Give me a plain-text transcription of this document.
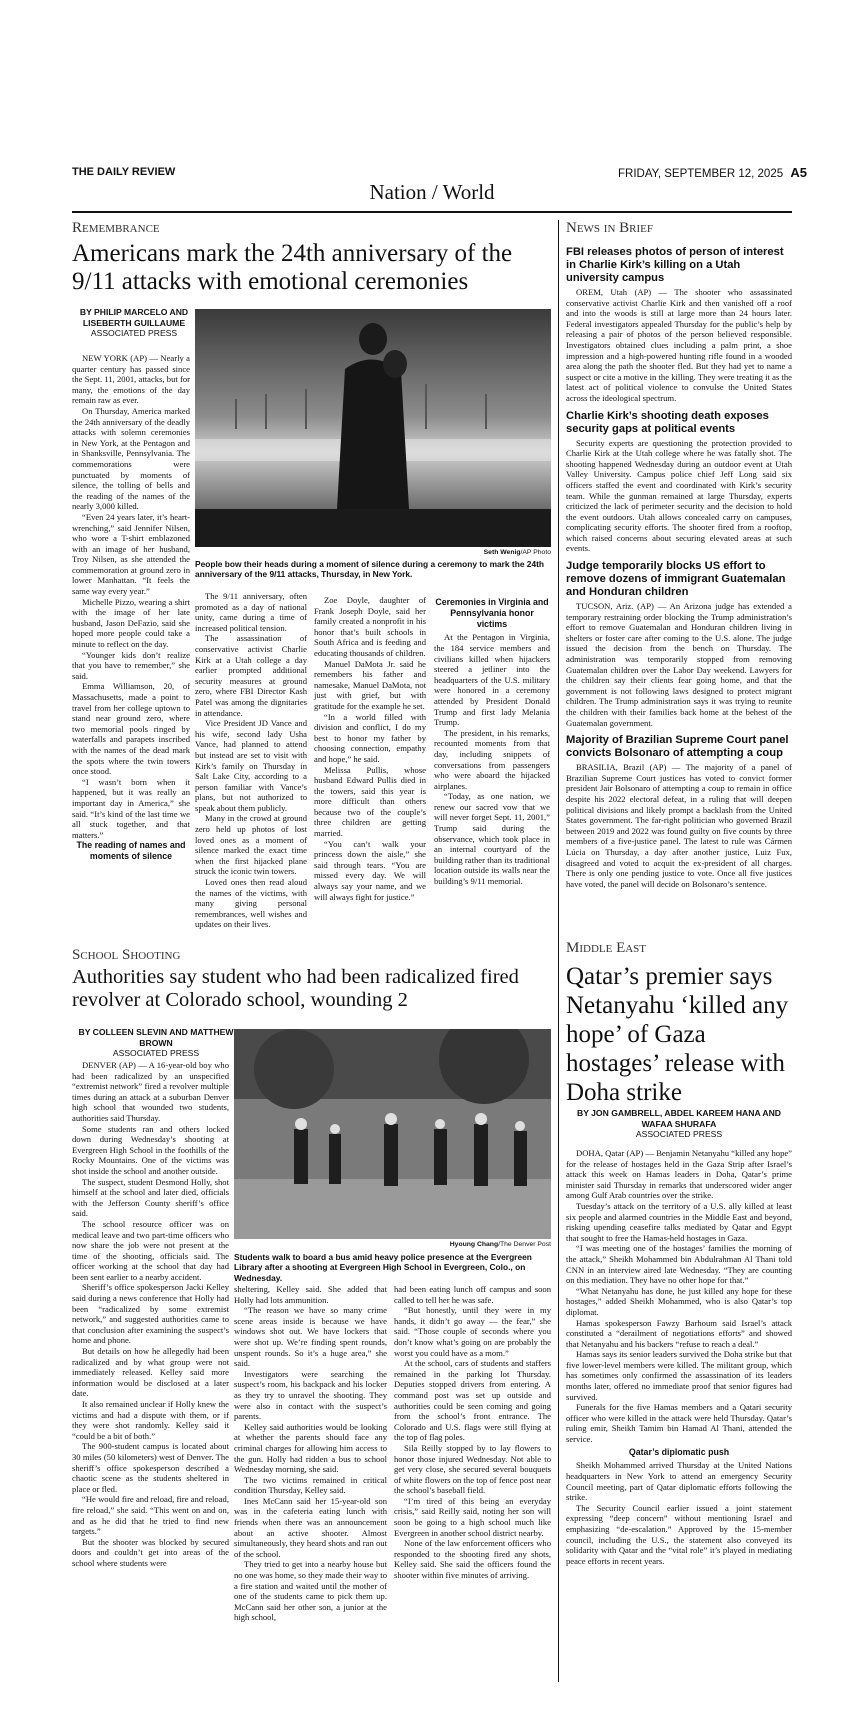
THE DAILY REVIEW	FRIDAY, SEPTEMBER 12, 2025 A5
Nation / World
Remembrance
Americans mark the 24th anniversary of the 9/11 attacks with emotional ceremonies
BY PHILIP MARCELO AND LISEBERTH GUILLAUME
ASSOCIATED PRESS
Seth Wenig/AP Photo
People bow their heads during a moment of silence during a ceremony to mark the 24th anniversary of the 9/11 attacks, Thursday, in New York.

NEW YORK (AP) — Nearly a quarter century has passed since the Sept. 11, 2001, attacks, but for many, the emotions of the day remain raw as ever.

On Thursday, America marked the 24th anniversary of the deadly attacks with solemn ceremonies in New York, at the Pentagon and in Shanksville, Pennsylvania. The commemorations were punctuated by moments of silence, the tolling of bells and the reading of the names of the nearly 3,000 killed.

“Even 24 years later, it’s heart-wrenching,” said Jennifer Nilsen, who wore a T-shirt emblazoned with an image of her husband, Troy Nilsen, as she attended the commemoration at ground zero in lower Manhattan. “It feels the same way every year.”

Michelle Pizzo, wearing a shirt with the image of her late husband, Jason DeFazio, said she hoped more people could take a minute to reflect on the day.

“Younger kids don’t realize that you have to remember,” she said.

Emma Williamson, 20, of Massachusetts, made a point to travel from her college uptown to stand near ground zero, where two memorial pools ringed by waterfalls and parapets inscribed with the names of the dead mark the spots where the twin towers once stood.

“I wasn’t born when it happened, but it was really an important day in America,” she said. “It’s kind of the last time we all stuck together, and that matters.”

The reading of names and moments of silence

The 9/11 anniversary, often promoted as a day of national unity, came during a time of increased political tension.

The assassination of conservative activist Charlie Kirk at a Utah college a day earlier prompted additional security measures at ground zero, where FBI Director Kash Patel was among the dignitaries in attendance.

Vice President JD Vance and his wife, second lady Usha Vance, had planned to attend but instead are set to visit with Kirk’s family on Thursday in Salt Lake City, according to a person familiar with Vance’s plans, but not authorized to speak about them publicly.

Many in the crowd at ground zero held up photos of lost loved ones as a moment of silence marked the exact time when the first hijacked plane struck the iconic twin towers.

Loved ones then read aloud the names of the victims, with many giving personal remembrances, well wishes and updates on their lives.

Zoe Doyle, daughter of Frank Joseph Doyle, said her family created a nonprofit in his honor that’s built schools in South Africa and is feeding and educating thousands of children.

Manuel DaMota Jr. said he remembers his father and namesake, Manuel DaMota, not just with grief, but with gratitude for the example he set.

“In a world filled with division and conflict, I do my best to honor my father by choosing connection, empathy and hope,” he said.

Melissa Pullis, whose husband Edward Pullis died in the towers, said this year is more difficult than others because two of the couple’s three children are getting married.

“You can’t walk your princess down the aisle,” she said through tears. “You are missed every day. We will always say your name, and we will always fight for justice.”

Ceremonies in Virginia and Pennsylvania honor victims

At the Pentagon in Virginia, the 184 service members and civilians killed when hijackers steered a jetliner into the headquarters of the U.S. military were honored in a ceremony attended by President Donald Trump and first lady Melania Trump.

The president, in his remarks, recounted moments from that day, including snippets of conversations from passengers who were aboard the hijacked airplanes.

“Today, as one nation, we renew our sacred vow that we will never forget Sept. 11, 2001,” Trump said during the observance, which took place in an internal courtyard of the building rather than its traditional location outside its walls near the building’s 9/11 memorial.

News in Brief
FBI releases photos of person of interest in Charlie Kirk’s killing on a Utah university campus
OREM, Utah (AP) — The shooter who assassinated conservative activist Charlie Kirk and then vanished off a roof and into the woods is still at large more than 24 hours later. Federal investigators appealed Thursday for the public’s help by releasing a pair of photos of the person believed responsible. Investigators obtained clues including a palm print, a shoe impression and a high-powered hunting rifle found in a wooded area along the path the shooter fled. But they had yet to name a suspect or cite a motive in the killing. They were treating it as the latest act of political violence to convulse the United States across the ideological spectrum.
Charlie Kirk’s shooting death exposes security gaps at political events
Security experts are questioning the protection provided to Charlie Kirk at the Utah college where he was fatally shot. The shooting happened Wednesday during an outdoor event at Utah Valley University. Campus police chief Jeff Long said six officers staffed the event and coordinated with Kirk’s security team. While the gunman remained at large Thursday, experts criticized the lack of perimeter security and the decision to hold the event outdoors. Utah allows concealed carry on campuses, complicating security efforts. The shooter fired from a rooftop, which raised concerns about securing elevated areas at such events.
Judge temporarily blocks US effort to remove dozens of immigrant Guatemalan and Honduran children
TUCSON, Ariz. (AP) — An Arizona judge has extended a temporary restraining order blocking the Trump administration’s effort to remove Guatemalan and Honduran children living in shelters or foster care after coming to the U.S. alone. The judge issued the decision from the bench on Thursday. The administration was temporarily stopped from removing Guatemalan children over the Labor Day weekend. Lawyers for the children say their clients fear going home, and that the government is not following laws designed to protect migrant children. The Trump administration says it was trying to reunite the children with their families back home at the behest of the Guatemalan government.
Majority of Brazilian Supreme Court panel convicts Bolsonaro of attempting a coup
BRASILIA, Brazil (AP) — The majority of a panel of Brazilian Supreme Court justices has voted to convict former president Jair Bolsonaro of attempting a coup to remain in office despite his 2022 electoral defeat, in a ruling that will deepen political divisions and likely prompt a backlash from the United States government. The far-right politician who governed Brazil between 2019 and 2022 was found guilty on five counts by three members of a five-justice panel. The latest to rule was Cármen Lúcia on Thursday, a day after another justice, Luiz Fux, disagreed and voted to acquit the ex-president of all charges. There is only one pending justice to vote. Once all five justices have voted, the panel will decide on Bolsonaro’s sentence.
School Shooting
Authorities say student who had been radicalized fired revolver at Colorado school, wounding 2
BY COLLEEN SLEVIN AND MATTHEW BROWN
ASSOCIATED PRESS
Hyoung Chang/The Denver Post
Students walk to board a bus amid heavy police presence at the Evergreen Library after a shooting at Evergreen High School in Evergreen, Colo., on Wednesday.

DENVER (AP) — A 16-year-old boy who had been radicalized by an unspecified “extremist network” fired a revolver multiple times during an attack at a suburban Denver high school that wounded two students, authorities said Thursday.

Some students ran and others locked down during Wednesday’s shooting at Evergreen High School in the foothills of the Rocky Mountains. One of the victims was shot inside the school and another outside.

The suspect, student Desmond Holly, shot himself at the school and later died, officials with the Jefferson County sheriff’s office said.

The school resource officer was on medical leave and two part-time officers who now share the job were not present at the time of the shooting, officials said. The officer working at the school that day had been sent earlier to a nearby accident.

Sheriff’s office spokesperson Jacki Kelley said during a news conference that Holly had been “radicalized by some extremist network,” and suggested authorities came to that conclusion after examining the suspect’s home and phone.

But details on how he allegedly had been radicalized and by what group were not immediately released. Kelley said more information would be disclosed at a later date.

It also remained unclear if Holly knew the victims and had a dispute with them, or if they were shot randomly. Kelley said it “could be a bit of both.”

The 900-student campus is located about 30 miles (50 kilometers) west of Denver. The sheriff’s office spokesperson described a chaotic scene as the students sheltered in place or fled.

“He would fire and reload, fire and reload, fire reload,” she said. “This went on and on, and as he did that he tried to find new targets.”

But the shooter was blocked by secured doors and couldn’t get into areas of the school where students were

sheltering, Kelley said. She added that Holly had lots ammunition.

“The reason we have so many crime scene areas inside is because we have windows shot out. We have lockers that were shot up. We’re finding spent rounds, unspent rounds. So it’s a huge area,” she said.

Investigators were searching the suspect’s room, his backpack and his locker as they try to unravel the shooting. They were also in contact with the suspect’s parents.

Kelley said authorities would be looking at whether the parents should face any criminal charges for allowing him access to the gun. Holly had ridden a bus to school Wednesday morning, she said.

The two victims remained in critical condition Thursday, Kelley said.

Ines McCann said her 15-year-old son was in the cafeteria eating lunch with friends when there was an announcement about an active shooter. Almost simultaneously, they heard shots and ran out of the school.

They tried to get into a nearby house but no one was home, so they made their way to a fire station and waited until the mother of one of the students came to pick them up. McCann said her other son, a junior at the high school,

had been eating lunch off campus and soon called to tell her he was safe.

“But honestly, until they were in my hands, it didn’t go away — the fear,” she said. “Those couple of seconds where you don’t know what’s going on are probably the worst you could have as a mom.”

At the school, cars of students and staffers remained in the parking lot Thursday. Deputies stopped drivers from entering. A command post was set up outside and authorities could be seen coming and going from the school’s front entrance. The Colorado and U.S. flags were still flying at the top of flag poles.

Sila Reilly stopped by to lay flowers to honor those injured Wednesday. Not able to get very close, she secured several bouquets of white flowers on the top of fence post near the school’s baseball field.

“I’m tired of this being an everyday crisis,” said Reilly said, noting her son will soon be going to a high school much like Evergreen in another school district nearby.

None of the law enforcement officers who responded to the shooting fired any shots, Kelley said. She said the officers found the shooter within five minutes of arriving.

Middle East
Qatar’s premier says Netanyahu ‘killed any hope’ of Gaza hostages’ release with Doha strike
BY JON GAMBRELL, ABDEL KAREEM HANA AND WAFAA SHURAFA
ASSOCIATED PRESS

DOHA, Qatar (AP) — Benjamin Netanyahu “killed any hope” for the release of hostages held in the Gaza Strip after Israel’s attack this week on Hamas leaders in Doha, Qatar’s prime minister said Thursday in remarks that underscored wider anger among Gulf Arab countries over the strike.

Tuesday’s attack on the territory of a U.S. ally killed at least six people and alarmed countries in the Middle East and beyond, risking upending ceasefire talks mediated by Qatar and Egypt that sought to free the Hamas-held hostages in Gaza.

“I was meeting one of the hostages’ families the morning of the attack,” Sheikh Mohammed bin Abdulrahman Al Thani told CNN in an interview aired late Wednesday. “They are counting on this mediation. They have no other hope for that.”

“What Netanyahu has done, he just killed any hope for these hostages,” added Sheikh Mohammed, who is also Qatar’s top diplomat.

Hamas spokesperson Fawzy Barhoum said Israel’s attack constituted a “derailment of negotiations efforts” and showed that Netanyahu and his backers “refuse to reach a deal.”

Hamas says its senior leaders survived the Doha strike but that five lower-level members were killed. The militant group, which has sometimes only confirmed the assassination of its leaders months later, offered no immediate proof that senior figures had survived.

Funerals for the five Hamas members and a Qatari security officer who were killed in the attack were held Thursday. Qatar’s ruling emir, Sheikh Tamim bin Hamad Al Thani, attended the service.

Qatar’s diplomatic push

Sheikh Mohammed arrived Thursday at the United Nations headquarters in New York to attend an emergency Security Council meeting, part of Qatar diplomatic efforts following the strike.

The Security Council earlier issued a joint statement expressing “deep concern” without mentioning Israel and emphasizing “de-escalation.” Approved by the 15-member council, including the U.S., the statement also conveyed its solidarity with Qatar and the “vital role” it’s played in mediating peace efforts in recent years.
